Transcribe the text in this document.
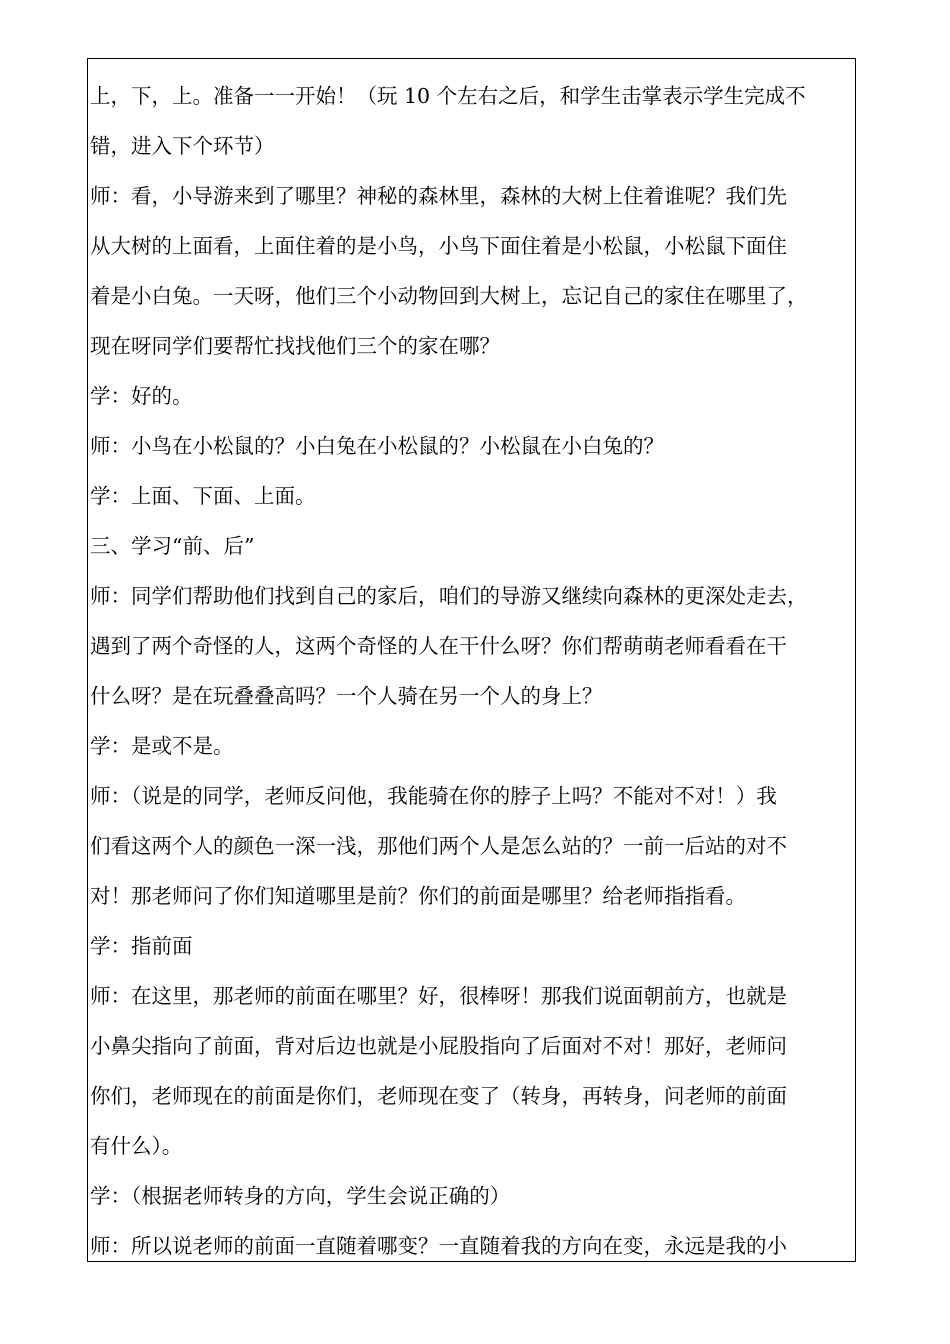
上，下，上。准备一一开始！（玩 10 个左右之后，和学生击掌表示学生完成不
错，进入下个环节）
师：看，小导游来到了哪里？神秘的森林里，森林的大树上住着谁呢？我们先
从大树的上面看，上面住着的是小鸟，小鸟下面住着是小松鼠，小松鼠下面住
着是小白兔。一天呀，他们三个小动物回到大树上，忘记自己的家住在哪里了，
现在呀同学们要帮忙找找他们三个的家在哪？
学：好的。
师：小鸟在小松鼠的？小白兔在小松鼠的？小松鼠在小白兔的？
学：上面、下面、上面。
三、学习“前、后”
师：同学们帮助他们找到自己的家后，咱们的导游又继续向森林的更深处走去，
遇到了两个奇怪的人，这两个奇怪的人在干什么呀？你们帮萌萌老师看看在干
什么呀？是在玩叠叠高吗？一个人骑在另一个人的身上？
学：是或不是。
师：（说是的同学，老师反问他，我能骑在你的脖子上吗？不能对不对！）我
们看这两个人的颜色一深一浅，那他们两个人是怎么站的？一前一后站的对不
对！那老师问了你们知道哪里是前？你们的前面是哪里？给老师指指看。
学：指前面
师：在这里，那老师的前面在哪里？好，很棒呀！那我们说面朝前方，也就是
小鼻尖指向了前面，背对后边也就是小屁股指向了后面对不对！那好，老师问
你们，老师现在的前面是你们，老师现在变了（转身，再转身，问老师的前面
有什么）。
学：（根据老师转身的方向，学生会说正确的）
师：所以说老师的前面一直随着哪变？一直随着我的方向在变，永远是我的小
